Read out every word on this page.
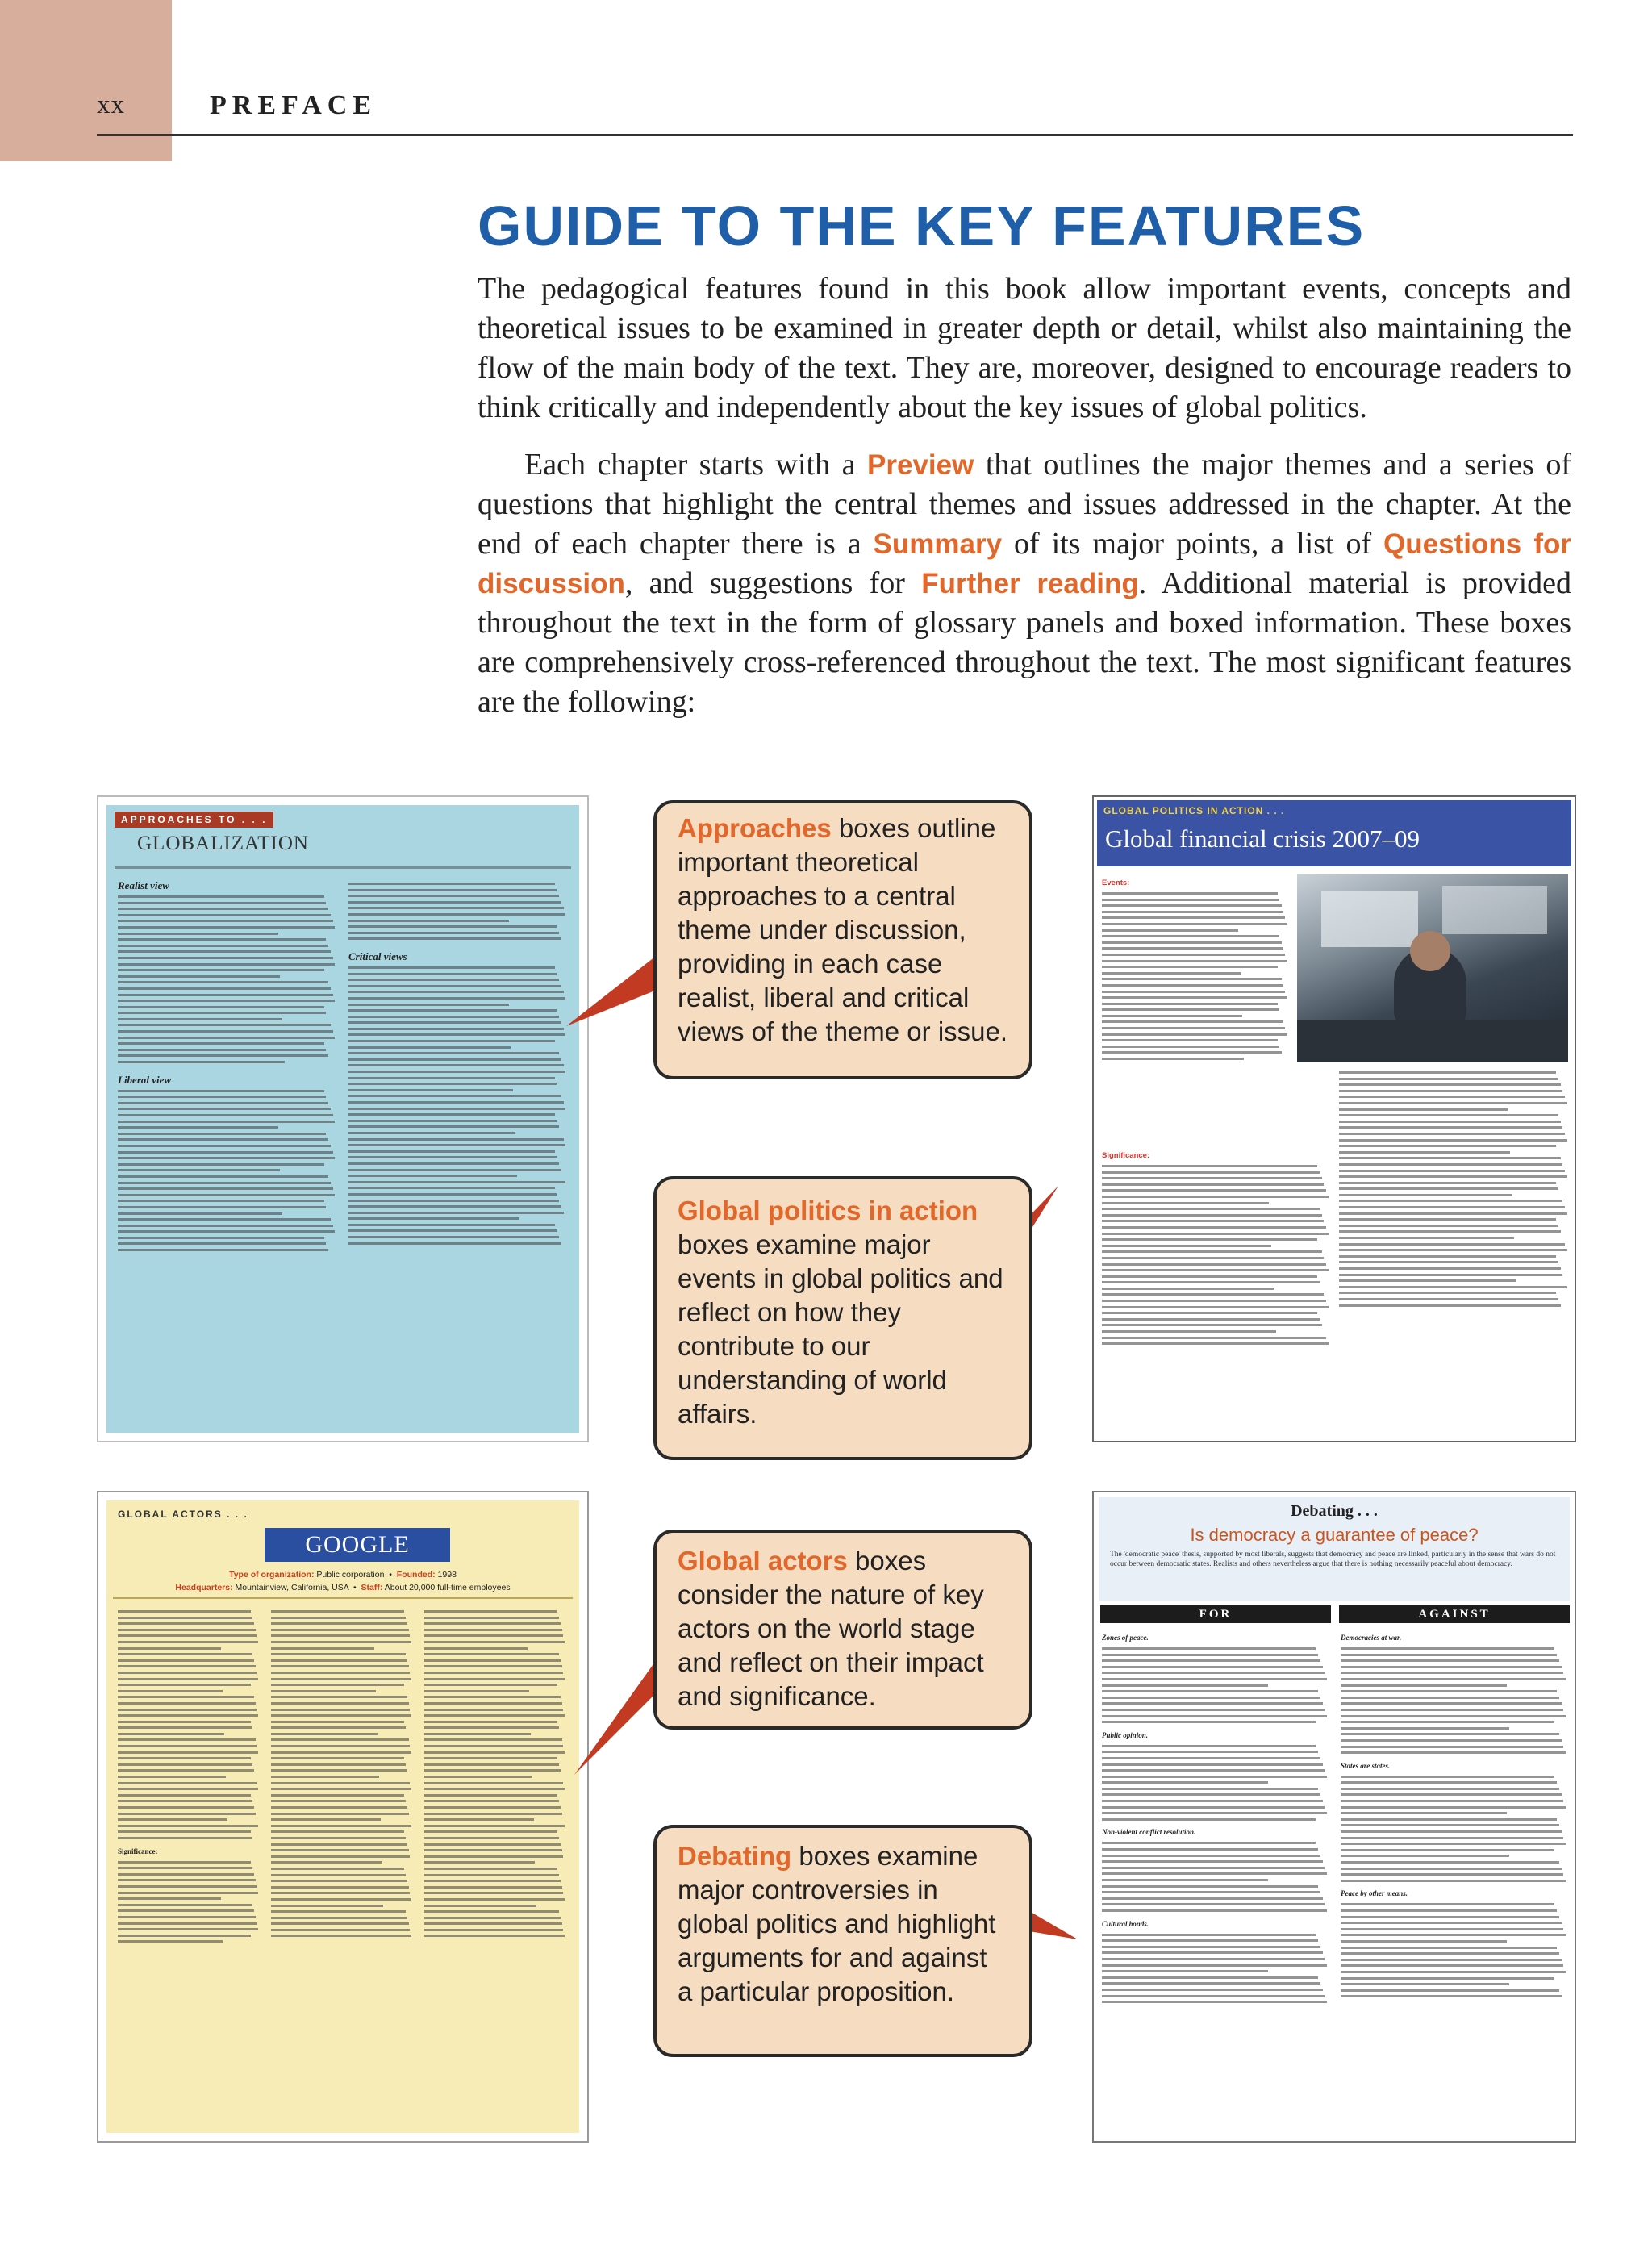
xx	PREFACE
GUIDE TO THE KEY FEATURES

The pedagogical features found in this book allow important events, concepts and theoretical issues to be examined in greater depth or detail, whilst also maintaining the flow of the main body of the text. They are, moreover, designed to encourage readers to think critically and independently about the key issues of global politics.

Each chapter starts with a Preview that outlines the major themes and a series of questions that highlight the central themes and issues addressed in the chapter. At the end of each chapter there is a Summary of its major points, a list of Questions for discussion, and suggestions for Further reading. Additional material is provided throughout the text in the form of glossary panels and boxed information. These boxes are comprehensively cross-referenced throughout the text. The most significant features are the following:

APPROACHES TO . . .
GLOBALIZATION
Realist view
Liberal view
Critical views
GLOBAL POLITICS IN ACTION . . .
Global financial crisis 2007–09
Events:
Significance:
GLOBAL ACTORS . . .
GOOGLE
Type of organization: Public corporation  •  Founded: 1998
Headquarters: Mountainview, California, USA  •  Staff: About 20,000 full-time employees
Significance:
Debating . . .
Is democracy a guarantee of peace?
The 'democratic peace' thesis, supported by most liberals, suggests that democracy and peace are linked, particularly in the sense that wars do not occur between democratic states. Realists and others nevertheless argue that there is nothing necessarily peaceful about democracy.
FOR	AGAINST
Zones of peace.
Public opinion.
Non-violent conflict resolution.
Cultural bonds.
Democracies at war.
States are states.
Peace by other means.
Approaches boxes outline important theoretical approaches to a central theme under discussion, providing in each case realist, liberal and critical views of the theme or issue.
Global politics in action boxes examine major events in global politics and reflect on how they contribute to our understanding of world affairs.
Global actors boxes consider the nature of key actors on the world stage and reflect on their impact and significance.
Debating boxes examine major controversies in global politics and highlight arguments for and against a particular proposition.
